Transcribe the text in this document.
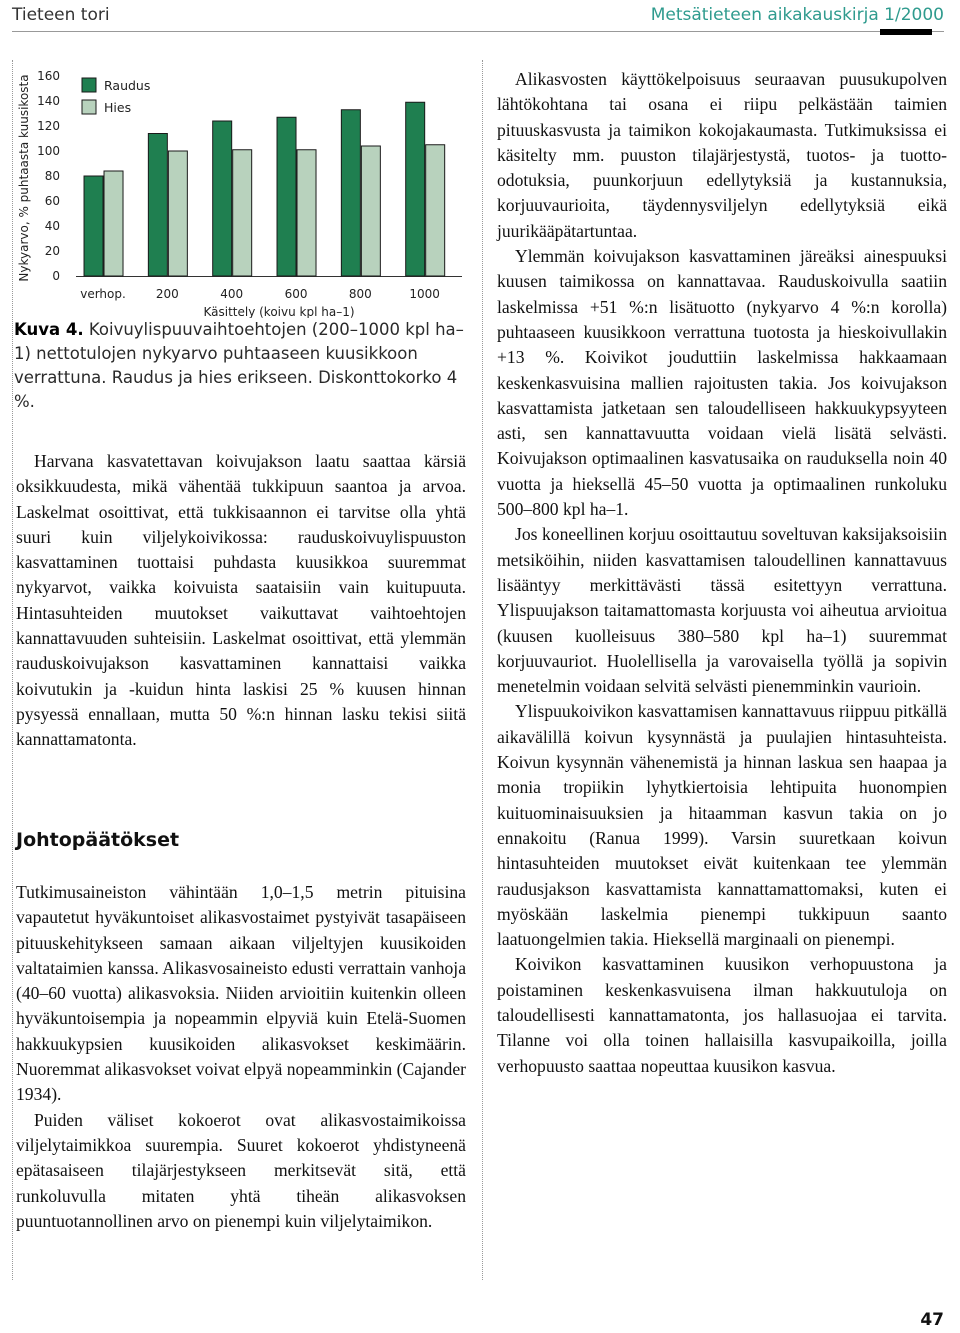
Tieteen tori	Metsätieteen aikakauskirja 1/2000
Nykyarvo, % puhtaasta kuusikosta 0
20
40
60
80
100
120
140
160
verhop.	200	400	600	800	1000
Käsittely (koivu kpl ha–1)
Raudus
Hies
Kuva 4. Koivuylispuuvaihtoehtojen (200–1000 kpl ha–1) nettotulojen nykyarvo puhtaaseen kuusikkoon verrattuna. Raudus ja hies erikseen. Diskonttokorko 4 %.

Harvana kasvatettavan koivujakson laatu saattaa kärsiä oksikkuudesta, mikä vähentää tukkipuun saantoa ja arvoa. Laskelmat osoittivat, että tukkisaannon ei tarvitse olla yhtä suuri kuin viljelykoivikossa: rauduskoivuylispuuston kasvattaminen tuottaisi puhdasta kuusikkoa suuremmat nykyarvot, vaikka koivuista saataisiin vain kuitupuuta. Hintasuhteiden muutokset vaikuttavat vaihtoehtojen kannattavuuden suhteisiin. Laskelmat osoittivat, että ylemmän rauduskoivujakson kasvattaminen kannattaisi vaikka koivutukin ja -kuidun hinta laskisi 25 % kuusen hinnan pysyessä ennallaan, mutta 50 %:n hinnan lasku tekisi siitä kannattamatonta.

Johtopäätökset

Tutkimusaineiston vähintään 1,0–1,5 metrin pituisina vapautetut hyväkuntoiset alikasvostaimet pystyivät tasapäiseen pituuskehitykseen samaan aikaan viljeltyjen kuusikoiden valtataimien kanssa. Alikasvosaineisto edusti verrattain vanhoja (40–60 vuotta) alikasvoksia. Niiden arvioitiin kuitenkin olleen hyväkuntoisempia ja nopeammin elpyviä kuin Etelä-Suomen hakkuukypsien kuusikoiden alikasvokset keskimäärin. Nuoremmat alikasvokset voivat elpyä nopeamminkin (Cajander 1934).

Puiden väliset kokoerot ovat alikasvostaimikoissa viljelytaimikkoa suurempia. Suuret kokoerot yhdistyneenä epätasaiseen tilajärjestykseen merkitsevät sitä, että runkoluvulla mitaten yhtä tiheän alikasvoksen puuntuotannollinen arvo on pienempi kuin viljelytaimikon.

Alikasvosten käyttökelpoisuus seuraavan puusukupolven lähtökohtana tai osana ei riipu pelkästään taimien pituuskasvusta ja taimikon kokojakaumasta. Tutkimuksissa ei käsitelty mm. puuston tilajärjestystä, tuotos- ja tuotto-odotuksia, puunkorjuun edellytyksiä ja kustannuksia, korjuuvaurioita, täydennysviljelyn edellytyksiä eikä juurikääpätartuntaa.

Ylemmän koivujakson kasvattaminen järeäksi ainespuuksi kuusen taimikossa on kannattavaa. Rauduskoivulla saatiin laskelmissa +51 %:n lisätuotto (nykyarvo 4 %:n korolla) puhtaaseen kuusikkoon verrattuna tuotosta ja hieskoivullakin +13 %. Koivikot jouduttiin laskelmissa hakkaamaan keskenkasvuisina mallien rajoitusten takia. Jos koivujakson kasvattamista jatketaan sen taloudelliseen hakkuukypsyyteen asti, sen kannattavuutta voidaan vielä lisätä selvästi. Koivujakson optimaalinen kasvatusaika on rauduksella noin 40 vuotta ja hieksellä 45–50 vuotta ja optimaalinen runkoluku 500–800 kpl ha–1.

Jos koneellinen korjuu osoittautuu soveltuvan kaksijaksoisiin metsiköihin, niiden kasvattamisen taloudellinen kannattavuus lisääntyy merkittävästi tässä esitettyyn verrattuna. Ylispuujakson taitamattomasta korjuusta voi aiheutua arvioitua (kuusen kuolleisuus 380–580 kpl ha–1) suuremmat korjuuvauriot. Huolellisella ja varovaisella työllä ja sopivin menetelmin voidaan selvitä selvästi pienemminkin vaurioin.

Ylispuukoivikon kasvattamisen kannattavuus riippuu pitkällä aikavälillä koivun kysynnästä ja puulajien hintasuhteista. Koivun kysynnän vähenemistä ja hinnan laskua sen haapaa ja monia tropiikin lyhytkiertoisia lehtipuita huonompien kuituominaisuuksien ja hitaamman kasvun takia on jo ennakoitu (Ranua 1999). Varsin suuretkaan koivun hintasuhteiden muutokset eivät kuitenkaan tee ylemmän raudusjakson kasvattamista kannattamattomaksi, kuten ei myöskään laskelmia pienempi tukkipuun saanto laatuongelmien takia. Hieksellä marginaali on pienempi.

Koivikon kasvattaminen kuusikon verhopuustona ja poistaminen keskenkasvuisena ilman hakkuutuloja on taloudellisesti kannattamatonta, jos hallasuojaa ei tarvita. Tilanne voi olla toinen hallaisilla kasvupaikoilla, joilla verhopuusto saattaa nopeuttaa kuusikon kasvua.

47
